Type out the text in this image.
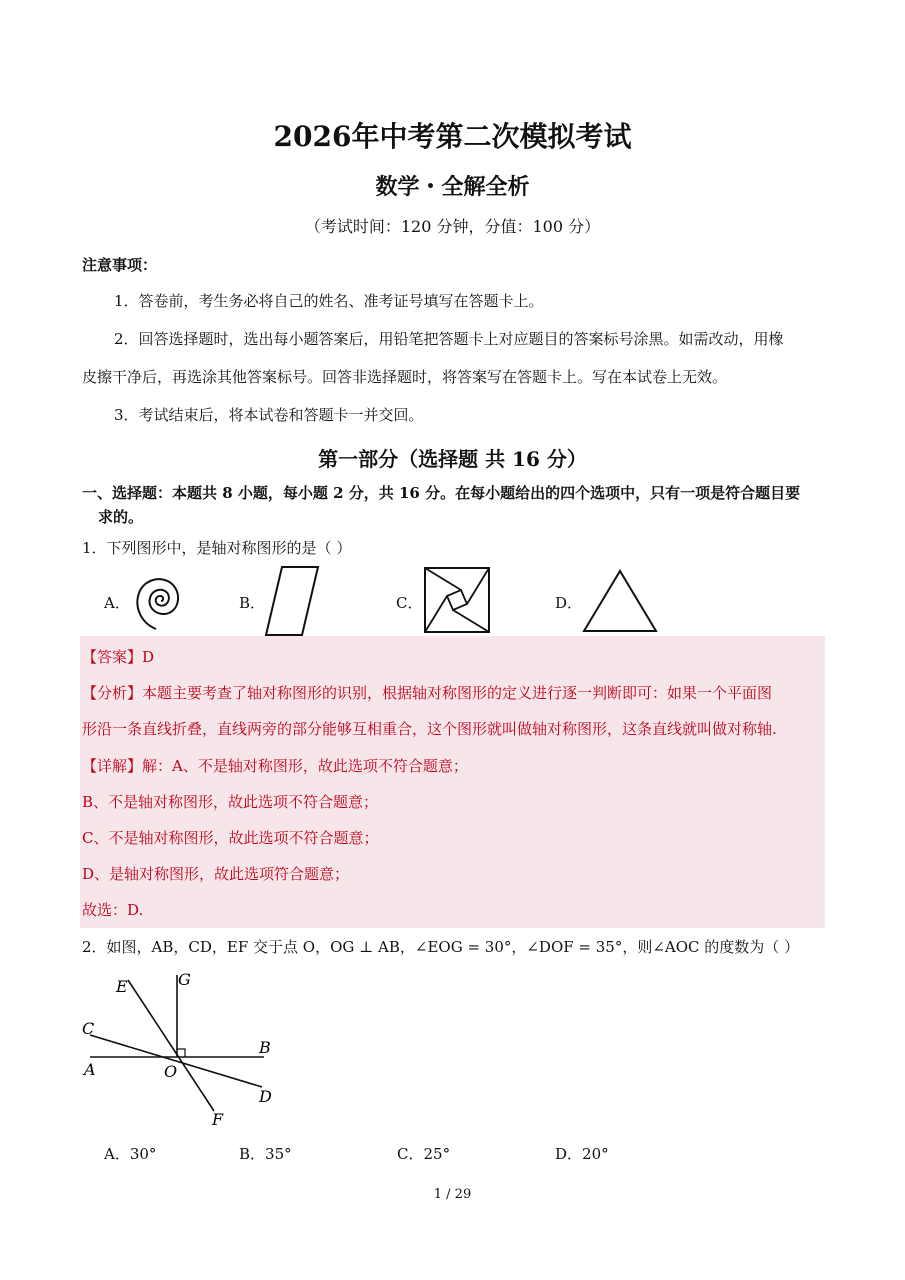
2026年中考第二次模拟考试
数学・全解全析
（考试时间：120 分钟，分值：100 分）
注意事项：
1．答卷前，考生务必将自己的姓名、准考证号填写在答题卡上。
2．回答选择题时，选出每小题答案后，用铅笔把答题卡上对应题目的答案标号涂黑。如需改动，用橡
皮擦干净后，再选涂其他答案标号。回答非选择题时，将答案写在答题卡上。写在本试卷上无效。
3．考试结束后，将本试卷和答题卡一并交回。
第一部分（选择题 共 16 分）
一、选择题：本题共 8 小题，每小题 2 分，共 16 分。在每小题给出的四个选项中，只有一项是符合题目要
求的。
1．下列图形中，是轴对称图形的是（ ）
A．	B．	C．	D．
【答案】D
【分析】本题主要考查了轴对称图形的识别，根据轴对称图形的定义进行逐一判断即可：如果一个平面图
形沿一条直线折叠，直线两旁的部分能够互相重合，这个图形就叫做轴对称图形，这条直线就叫做对称轴.
【详解】解：A、不是轴对称图形，故此选项不符合题意；
B、不是轴对称图形，故此选项不符合题意；
C、不是轴对称图形，故此选项不符合题意；
D、是轴对称图形，故此选项符合题意；
故选：D.
2．如图，AB，CD，EF 交于点 O，OG ⊥ AB，∠EOG = 30°，∠DOF = 35°，则∠AOC 的度数为（ ）
E	G
C
B
A	O
D
F
A．30°	B．35°	C．25°	D．20°
1 / 29
